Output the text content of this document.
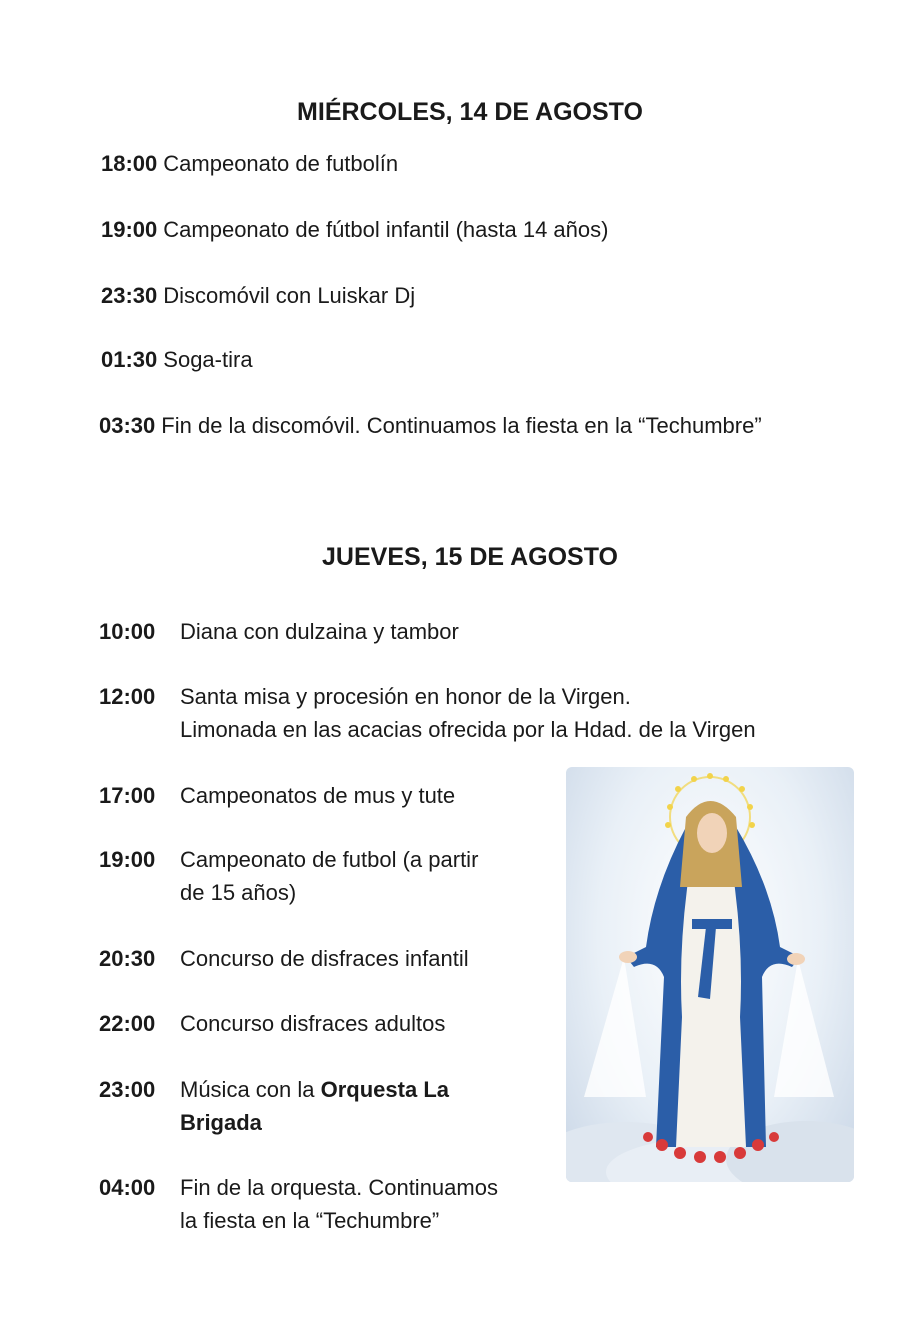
MIÉRCOLES, 14 DE AGOSTO
18:00 Campeonato de futbolín
19:00 Campeonato de fútbol infantil (hasta 14 años)
23:30 Discomóvil con Luiskar Dj
01:30 Soga-tira
03:30 Fin de la discomóvil. Continuamos la fiesta en la “Techumbre”
JUEVES, 15 DE AGOSTO
10:00 Diana con dulzaina y tambor
12:00 Santa misa y procesión en honor de la Virgen.
Limonada en las acacias ofrecida por la Hdad. de la Virgen
17:00 Campeonatos de mus y tute
19:00 Campeonato de futbol (a partir
de 15 años)
20:30 Concurso de disfraces infantil
22:00 Concurso disfraces adultos
23:00 Música con la Orquesta La
Brigada
04:00 Fin de la orquesta. Continuamos
la fiesta en la “Techumbre”
